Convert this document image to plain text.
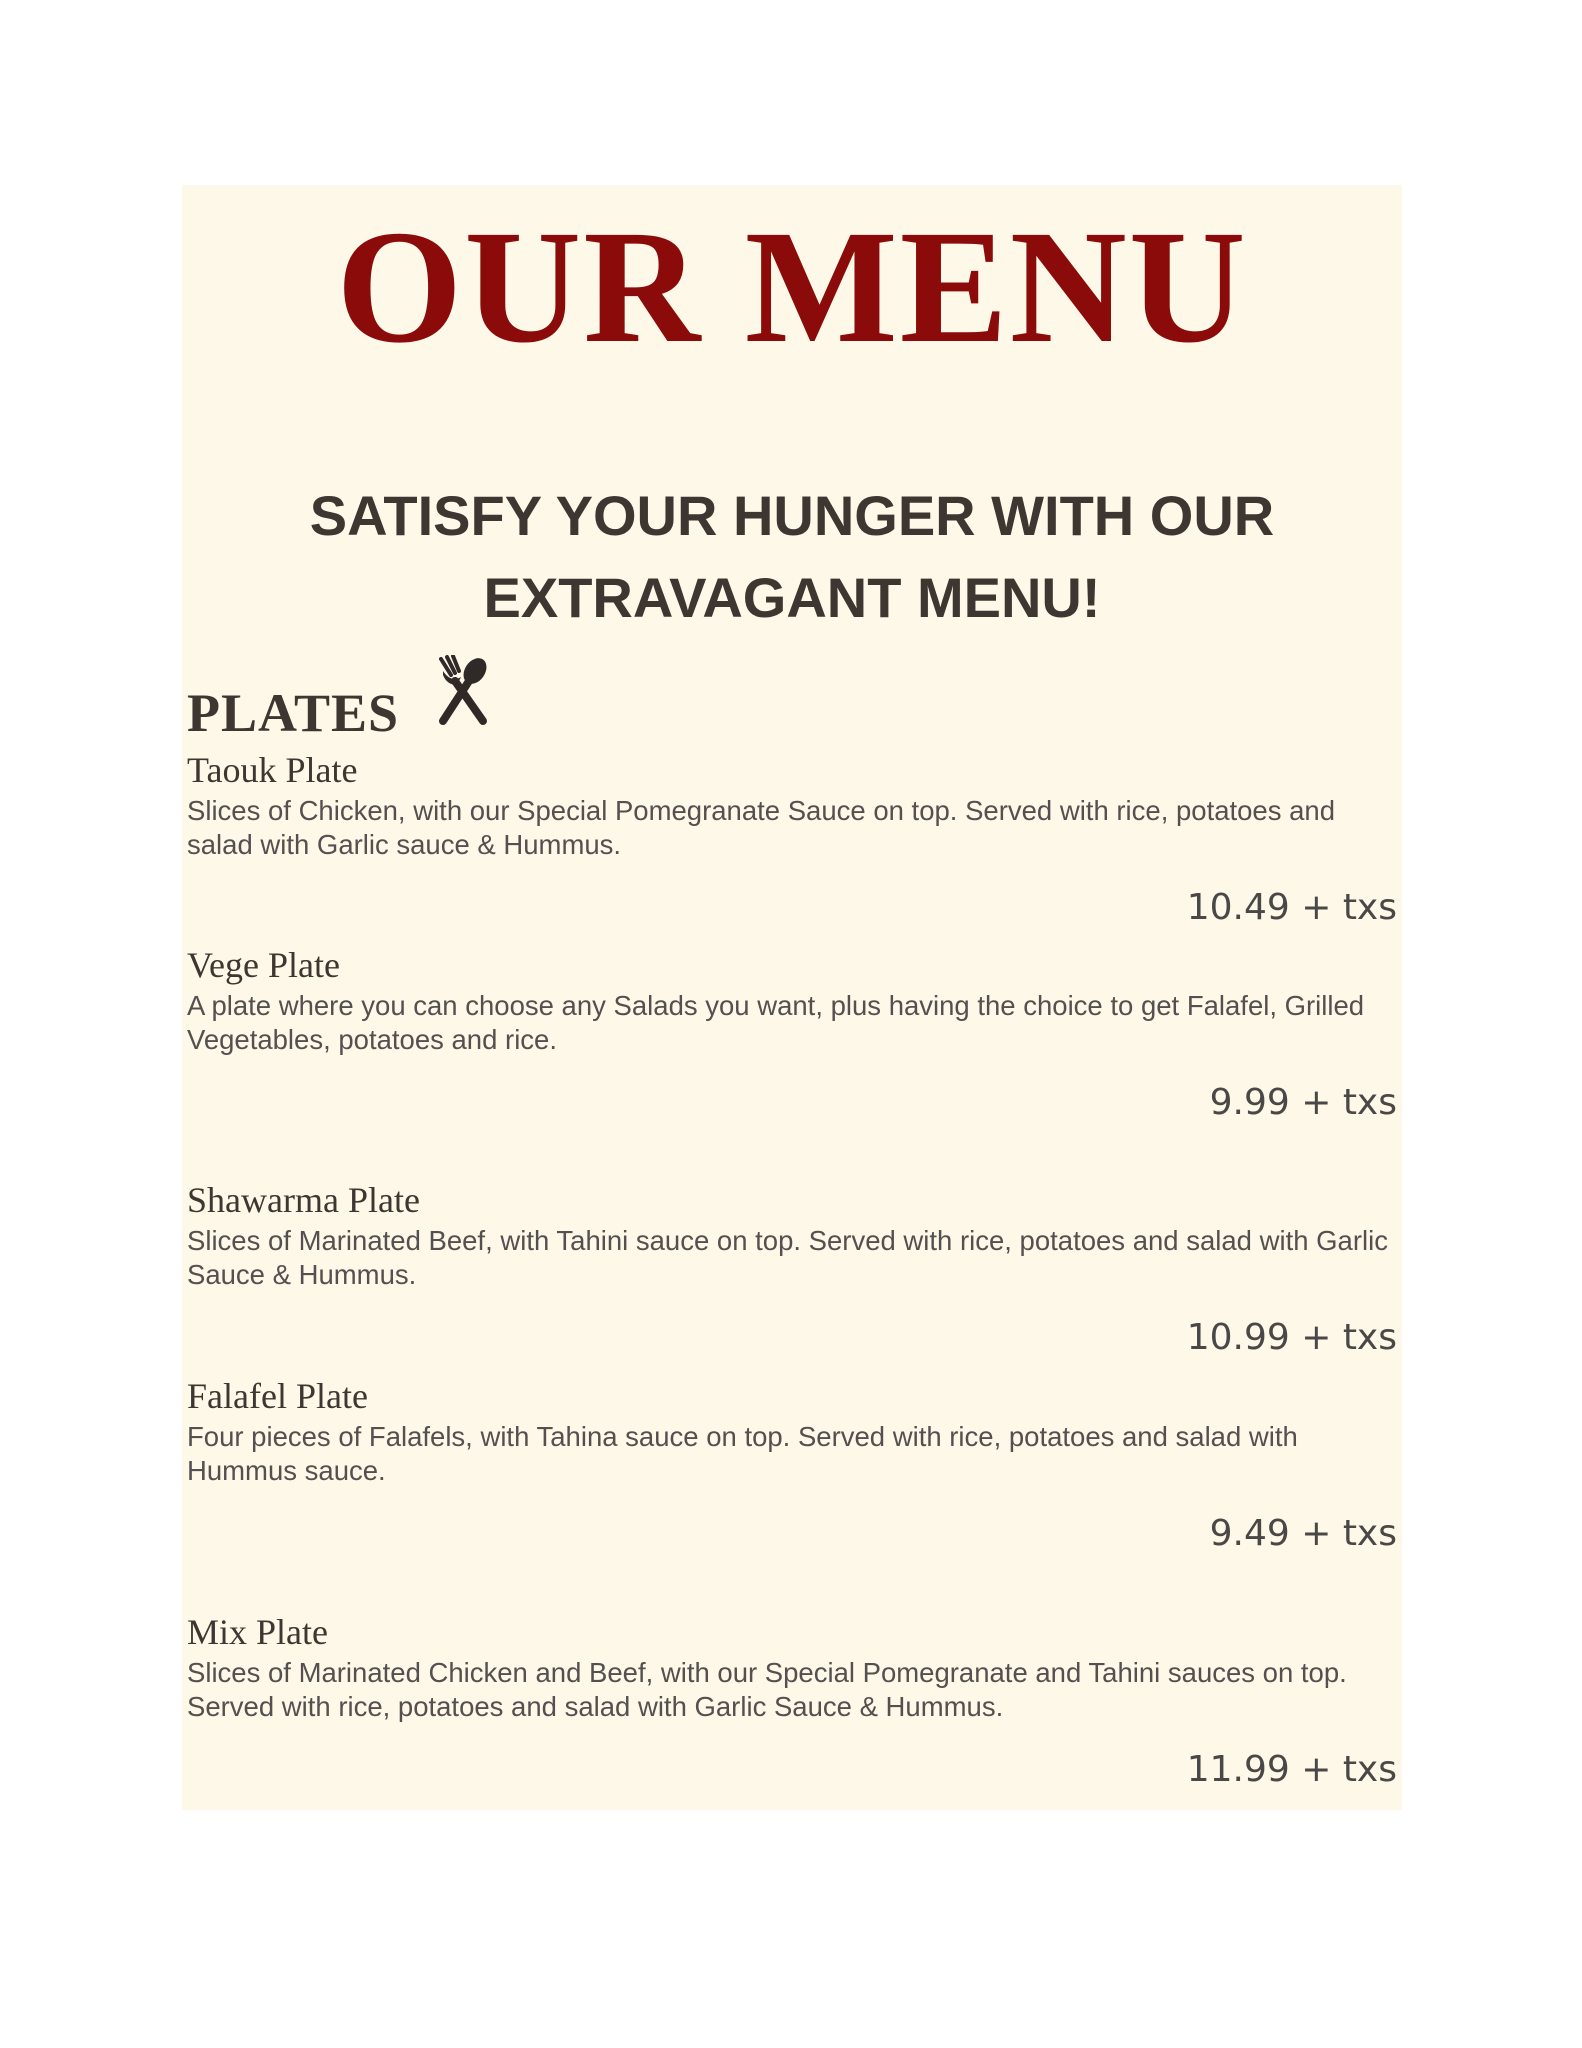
OUR MENU
SATISFY YOUR HUNGER WITH OUR
EXTRAVAGANT MENU!
PLATES
Taouk Plate
Slices of Chicken, with our Special Pomegranate Sauce on top. Served with rice, potatoes and salad with Garlic sauce & Hummus.
10.49 + txs
Vege Plate
A plate where you can choose any Salads you want, plus having the choice to get Falafel, Grilled Vegetables, potatoes and rice.
9.99 + txs
Shawarma Plate
Slices of Marinated Beef, with Tahini sauce on top. Served with rice, potatoes and salad with Garlic Sauce & Hummus.
10.99 + txs
Falafel Plate
Four pieces of Falafels, with Tahina sauce on top. Served with rice, potatoes and salad with Hummus sauce.
9.49 + txs
Mix Plate
Slices of Marinated Chicken and Beef, with our Special Pomegranate and Tahini sauces on top. Served with rice, potatoes and salad with Garlic Sauce & Hummus.
11.99 + txs
